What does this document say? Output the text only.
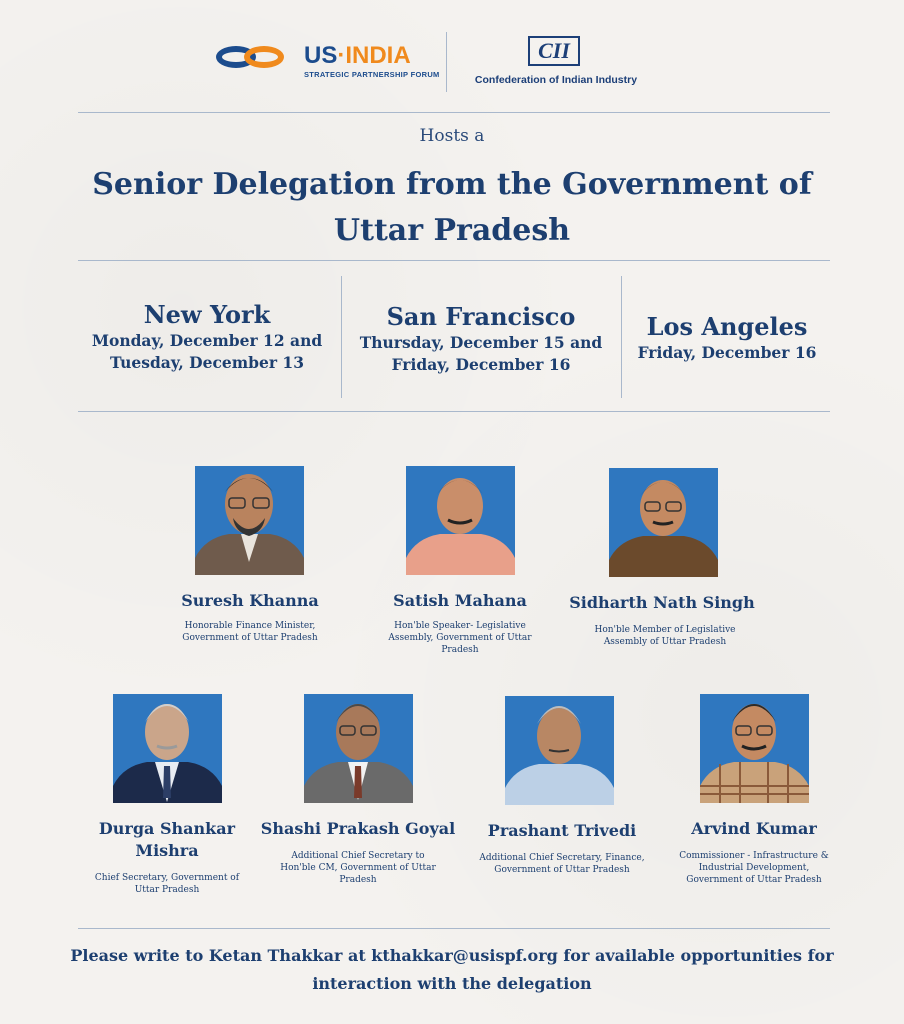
US·INDIA
STRATEGIC PARTNERSHIP FORUM
CII
Confederation of Indian Industry
Hosts a
Senior Delegation from the Government of Uttar Pradesh
New York
Monday, December 12 and Tuesday, December 13
San Francisco
Thursday, December 15 and Friday, December 16
Los Angeles
Friday, December 16
Suresh Khanna
Honorable Finance Minister, Government of Uttar Pradesh
Satish Mahana
Hon'ble Speaker- Legislative Assembly, Government of Uttar Pradesh
Sidharth Nath Singh
Hon'ble Member of Legislative Assembly of Uttar Pradesh
Durga Shankar Mishra
Chief Secretary, Government of Uttar Pradesh
Shashi Prakash Goyal
Additional Chief Secretary to Hon'ble CM, Government of Uttar Pradesh
Prashant Trivedi
Additional Chief Secretary, Finance, Government of Uttar Pradesh
Arvind Kumar
Commissioner - Infrastructure & Industrial Development, Government of Uttar Pradesh
Please write to Ketan Thakkar at kthakkar@usispf.org for available opportunities for interaction with the delegation
